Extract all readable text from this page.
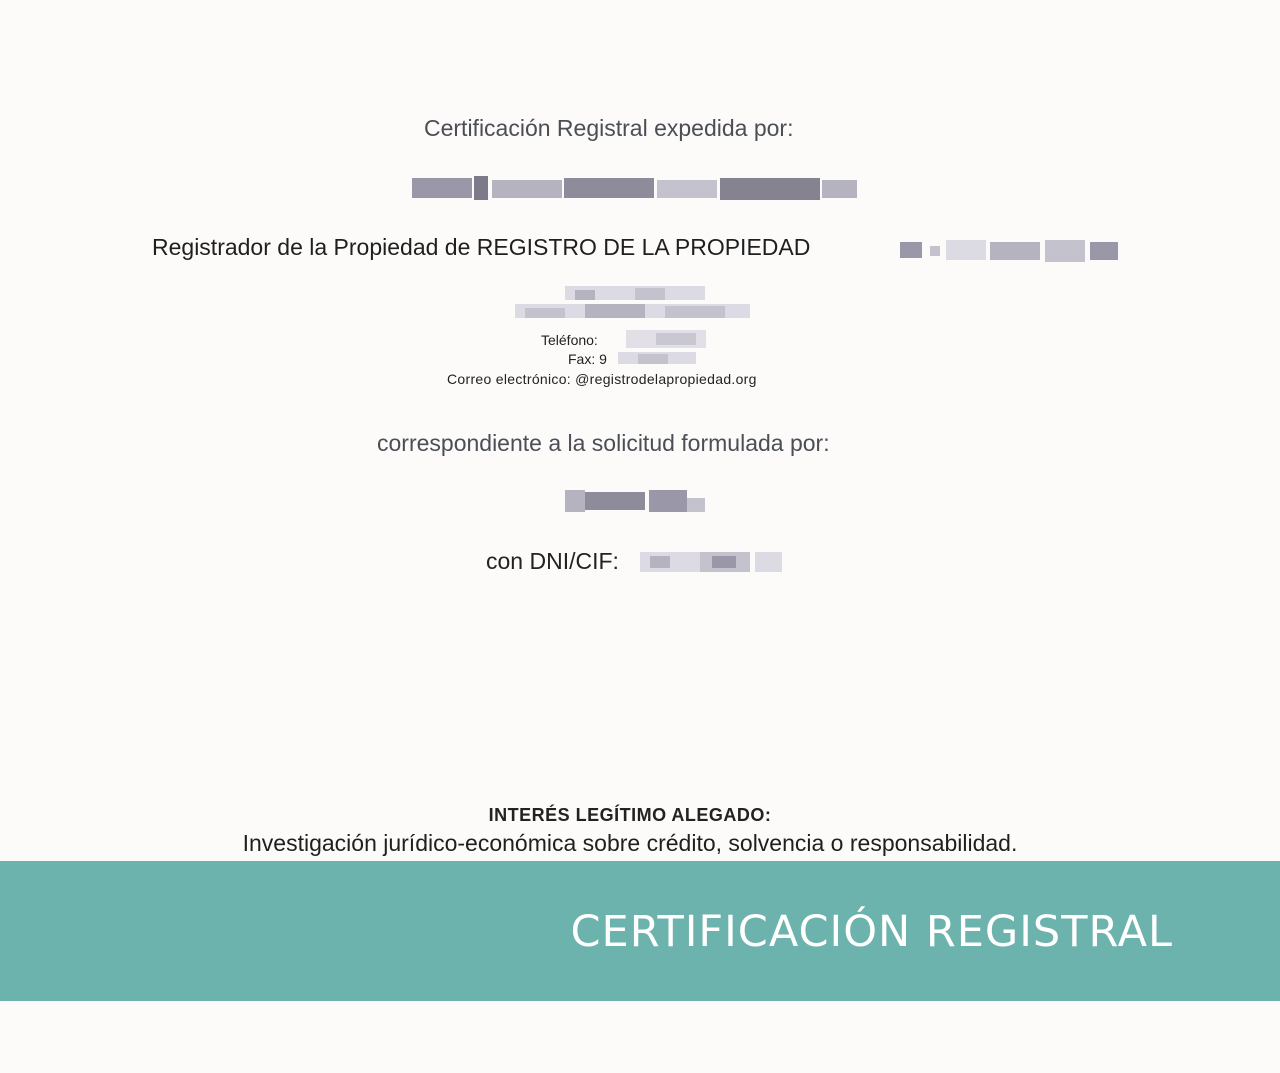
Certificación Registral expedida por:
Registrador de la Propiedad de REGISTRO DE LA PROPIEDAD
Teléfono:
Fax: 9
Correo electrónico: @registrodelapropiedad.org
correspondiente a la solicitud formulada por:
con DNI/CIF:
INTERÉS LEGÍTIMO ALEGADO:
Investigación jurídico-económica sobre crédito, solvencia o responsabilidad.
CERTIFICACIÓN REGISTRAL
